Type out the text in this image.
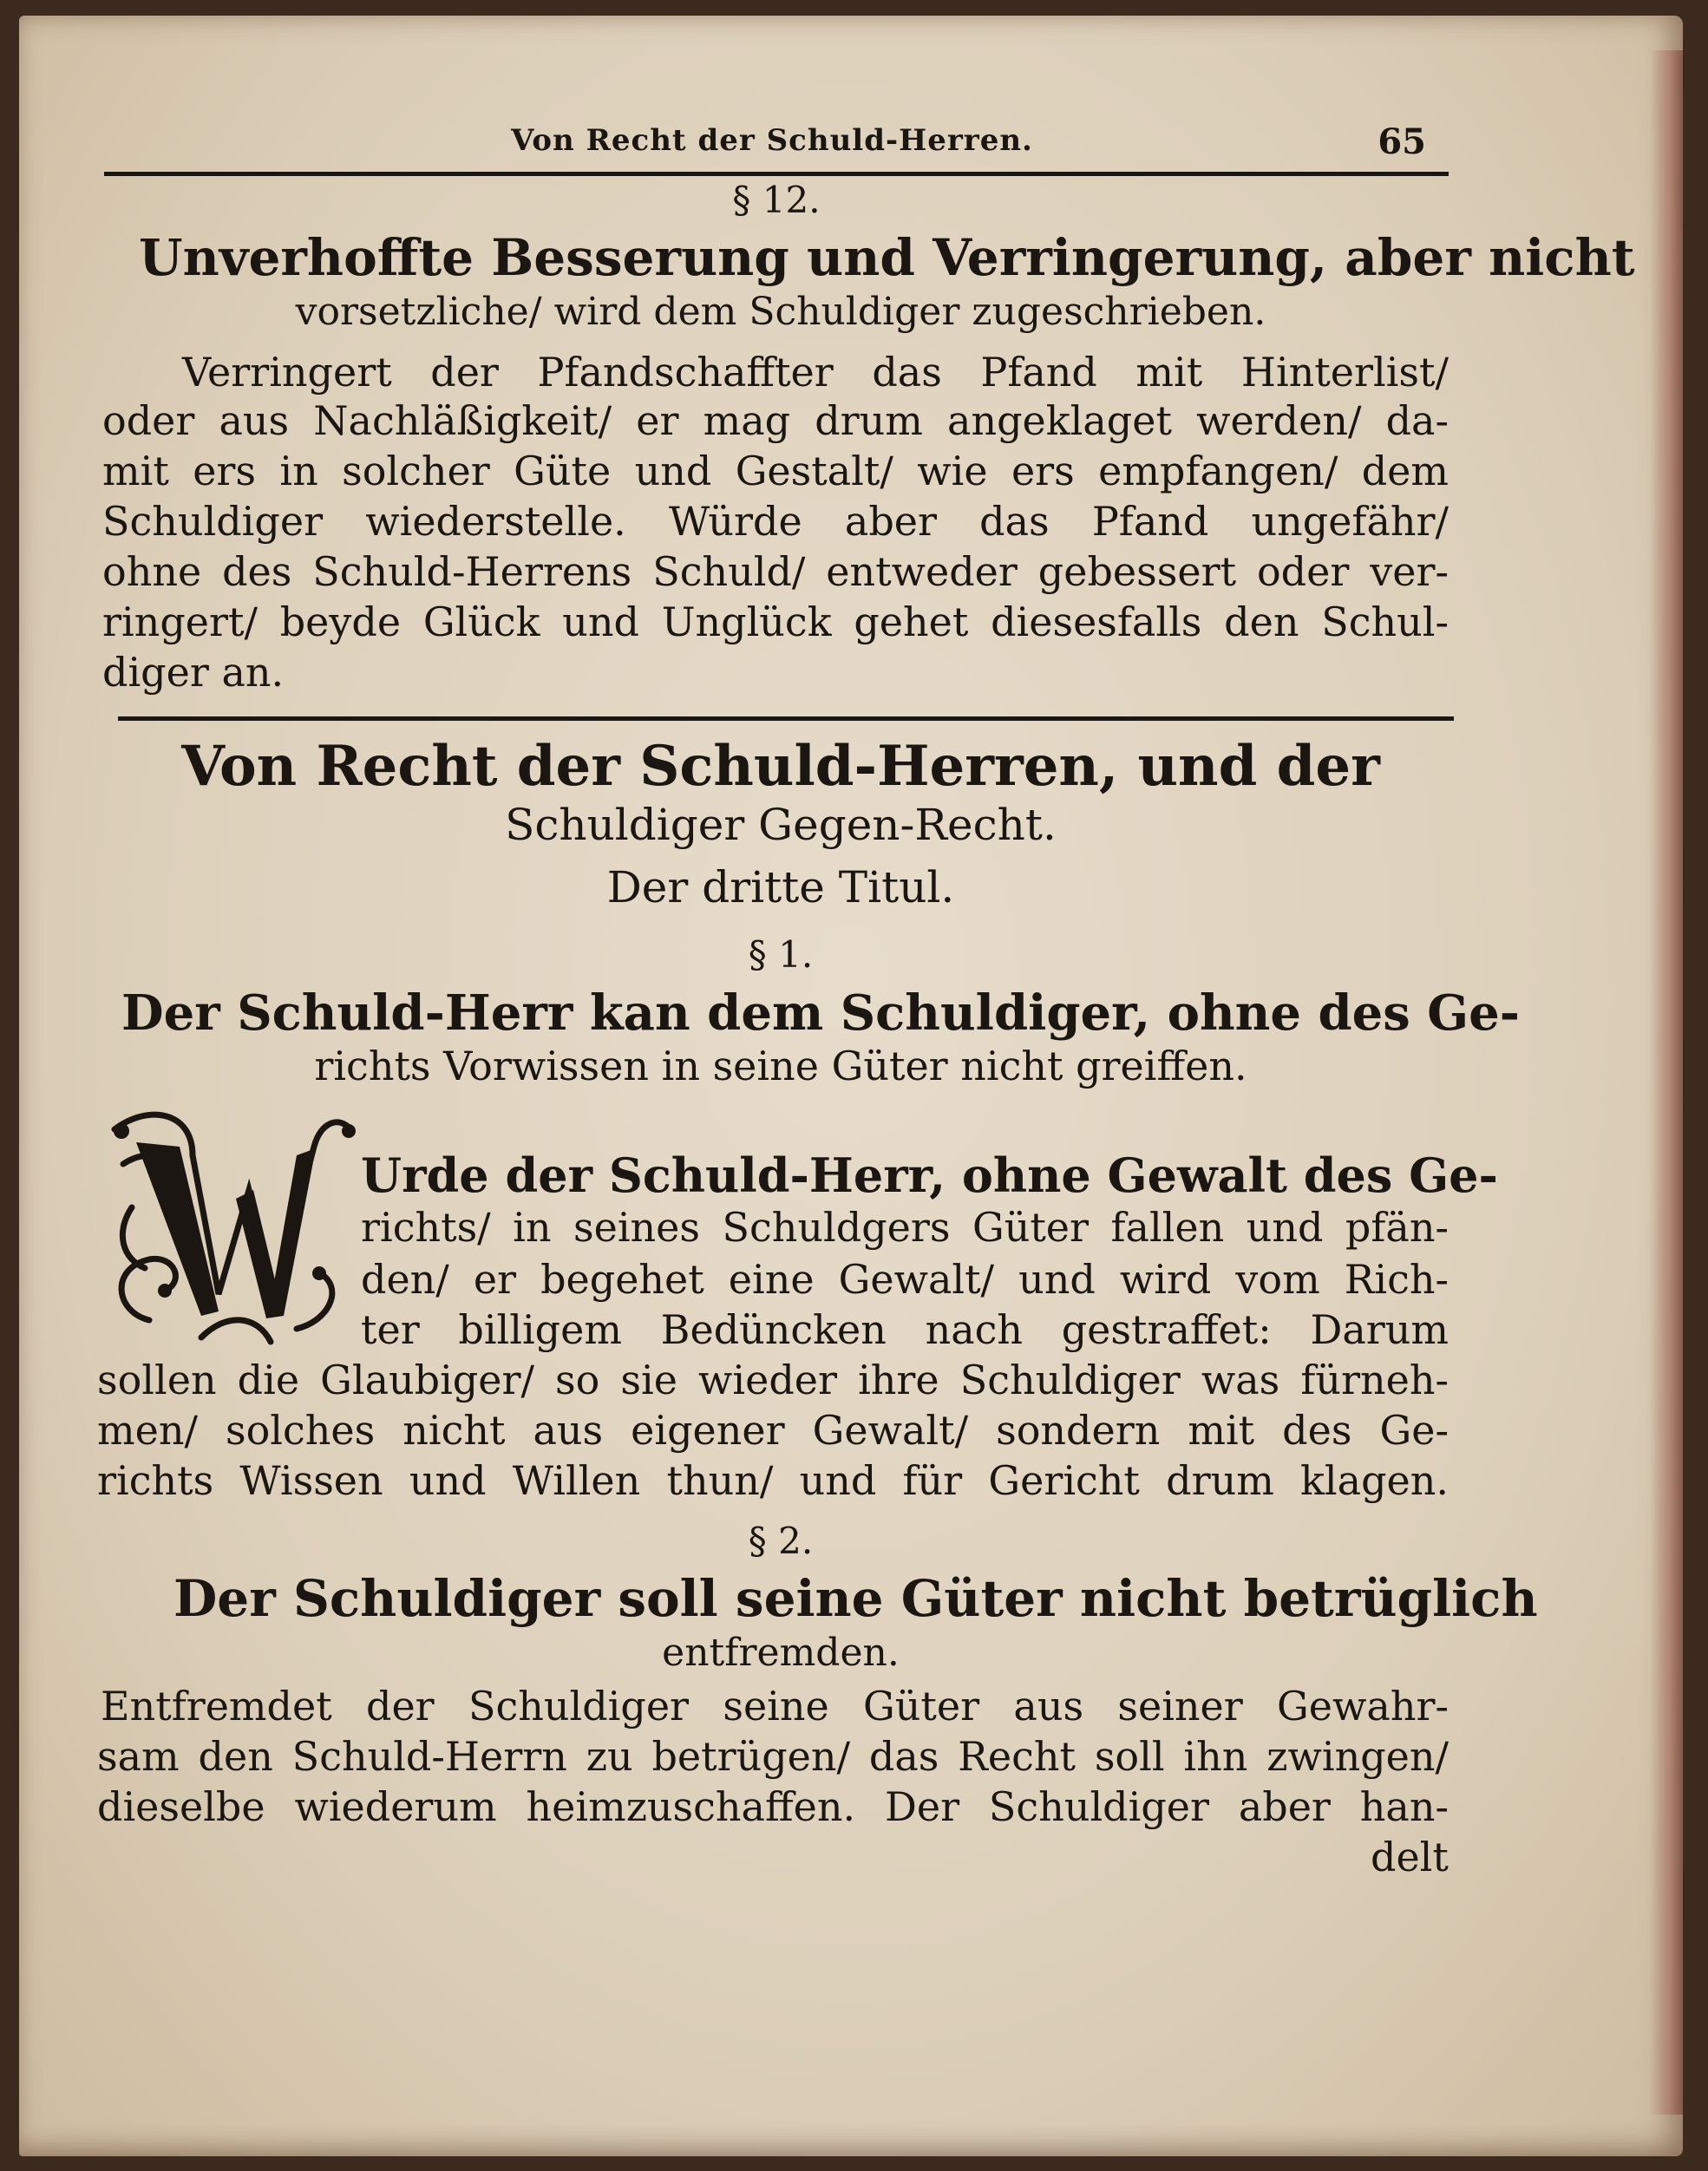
Von Recht der Schuld-Herren.	65
§ 12.
Unverhoffte Besserung und Verringerung, aber nicht
vorsetzliche/ wird dem Schuldiger zugeschrieben.
Verringert der Pfandschaffter das Pfand mit Hinterlist/
oder aus Nachläßigkeit/ er mag drum angeklaget werden/ da-
mit ers in solcher Güte und Gestalt/ wie ers empfangen/ dem
Schuldiger wiederstelle. Würde aber das Pfand ungefähr/
ohne des Schuld-Herrens Schuld/ entweder gebessert oder ver-
ringert/ beyde Glück und Unglück gehet diesesfalls den Schul-
diger an.
Von Recht der Schuld-Herren, und der
Schuldiger Gegen-Recht.
Der dritte Titul.
§ 1.
Der Schuld-Herr kan dem Schuldiger, ohne des Ge-
richts Vorwissen in seine Güter nicht greiffen.
Urde der Schuld-Herr, ohne Gewalt des Ge-
richts/ in seines Schuldgers Güter fallen und pfän-
den/ er begehet eine Gewalt/ und wird vom Rich-
ter billigem Bedüncken nach gestraffet: Darum
sollen die Glaubiger/ so sie wieder ihre Schuldiger was fürneh-
men/ solches nicht aus eigener Gewalt/ sondern mit des Ge-
richts Wissen und Willen thun/ und für Gericht drum klagen.
§ 2.
Der Schuldiger soll seine Güter nicht betrüglich
entfremden.
Entfremdet der Schuldiger seine Güter aus seiner Gewahr-
sam den Schuld-Herrn zu betrügen/ das Recht soll ihn zwingen/
dieselbe wiederum heimzuschaffen. Der Schuldiger aber han-
delt
